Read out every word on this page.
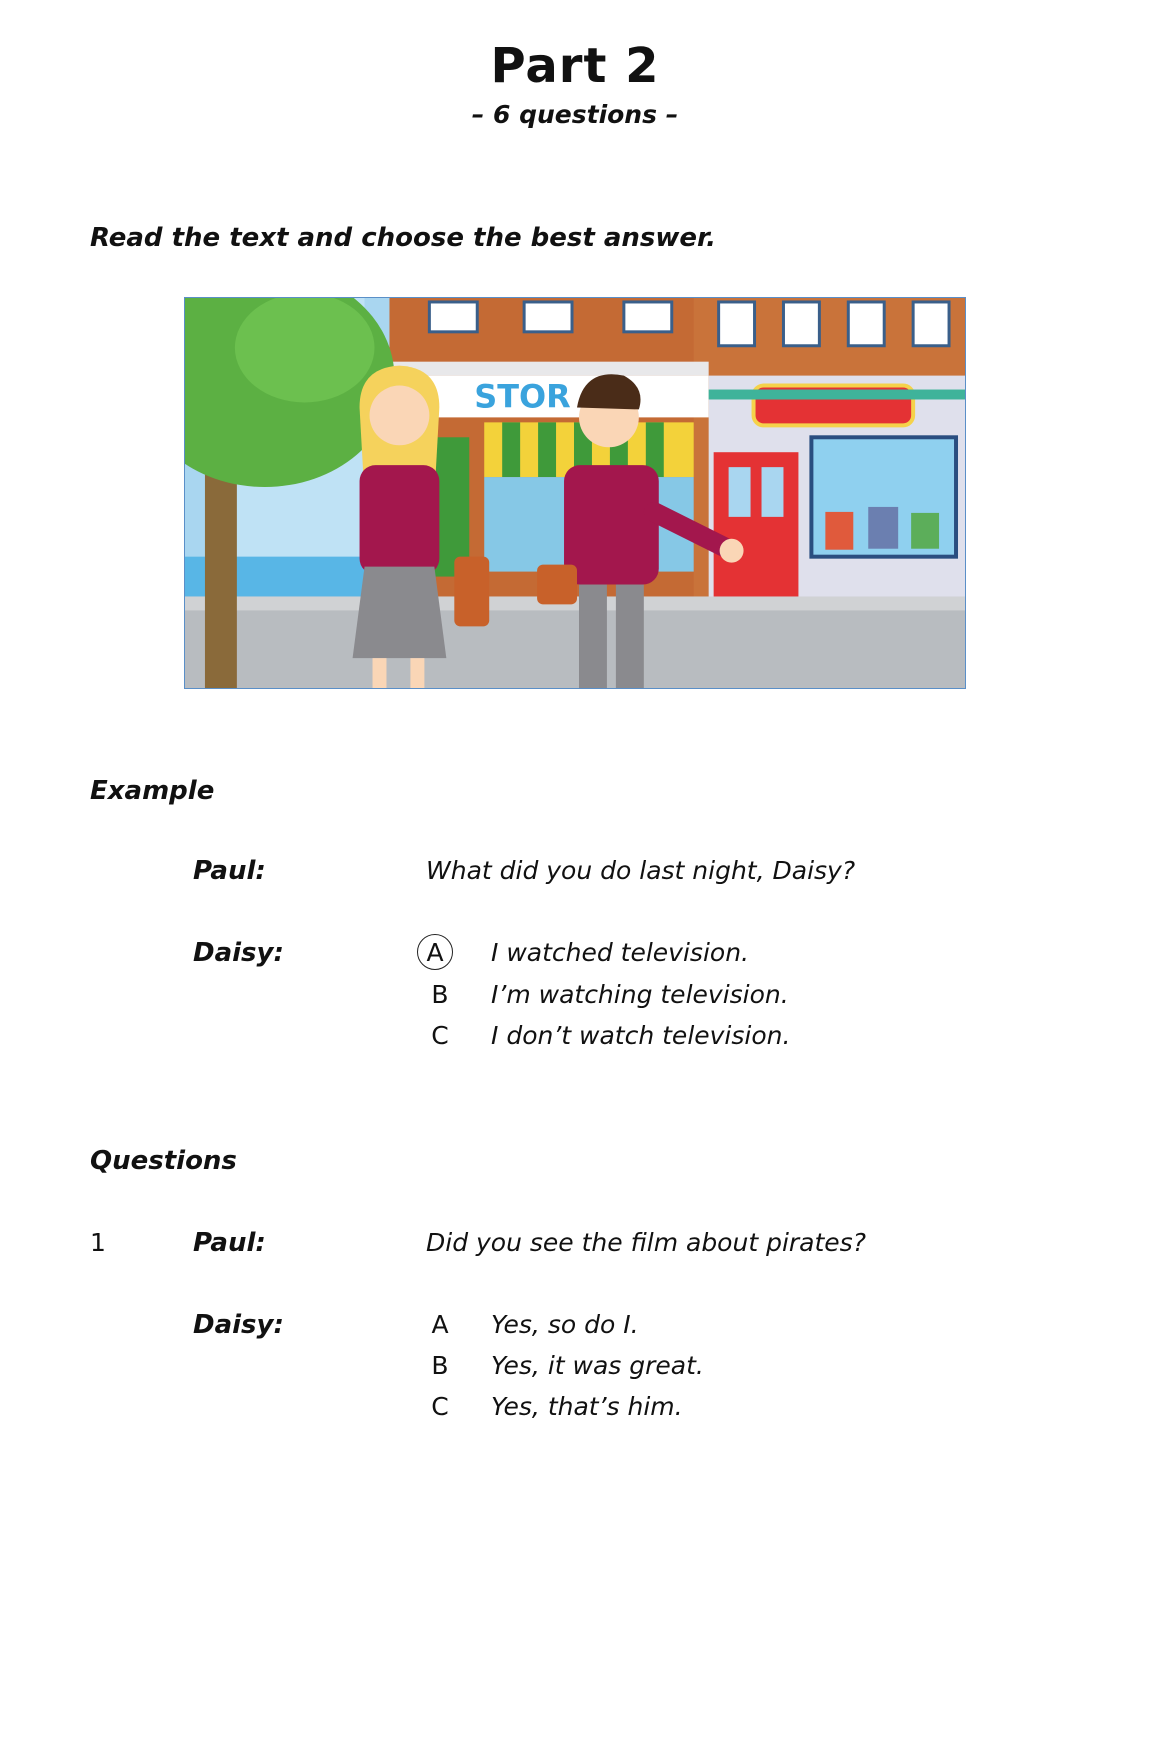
Part 2
– 6 questions –
Read the text and choose the best answer.
STOR
Example
Paul:	What did you do last night, Daisy?
Daisy:	A	I watched television.
B I’m watching television.
C I don’t watch television.
Questions
1	Paul:	Did you see the film about pirates?
Daisy:	A Yes, so do I.
B Yes, it was great.
C Yes, that’s him.
